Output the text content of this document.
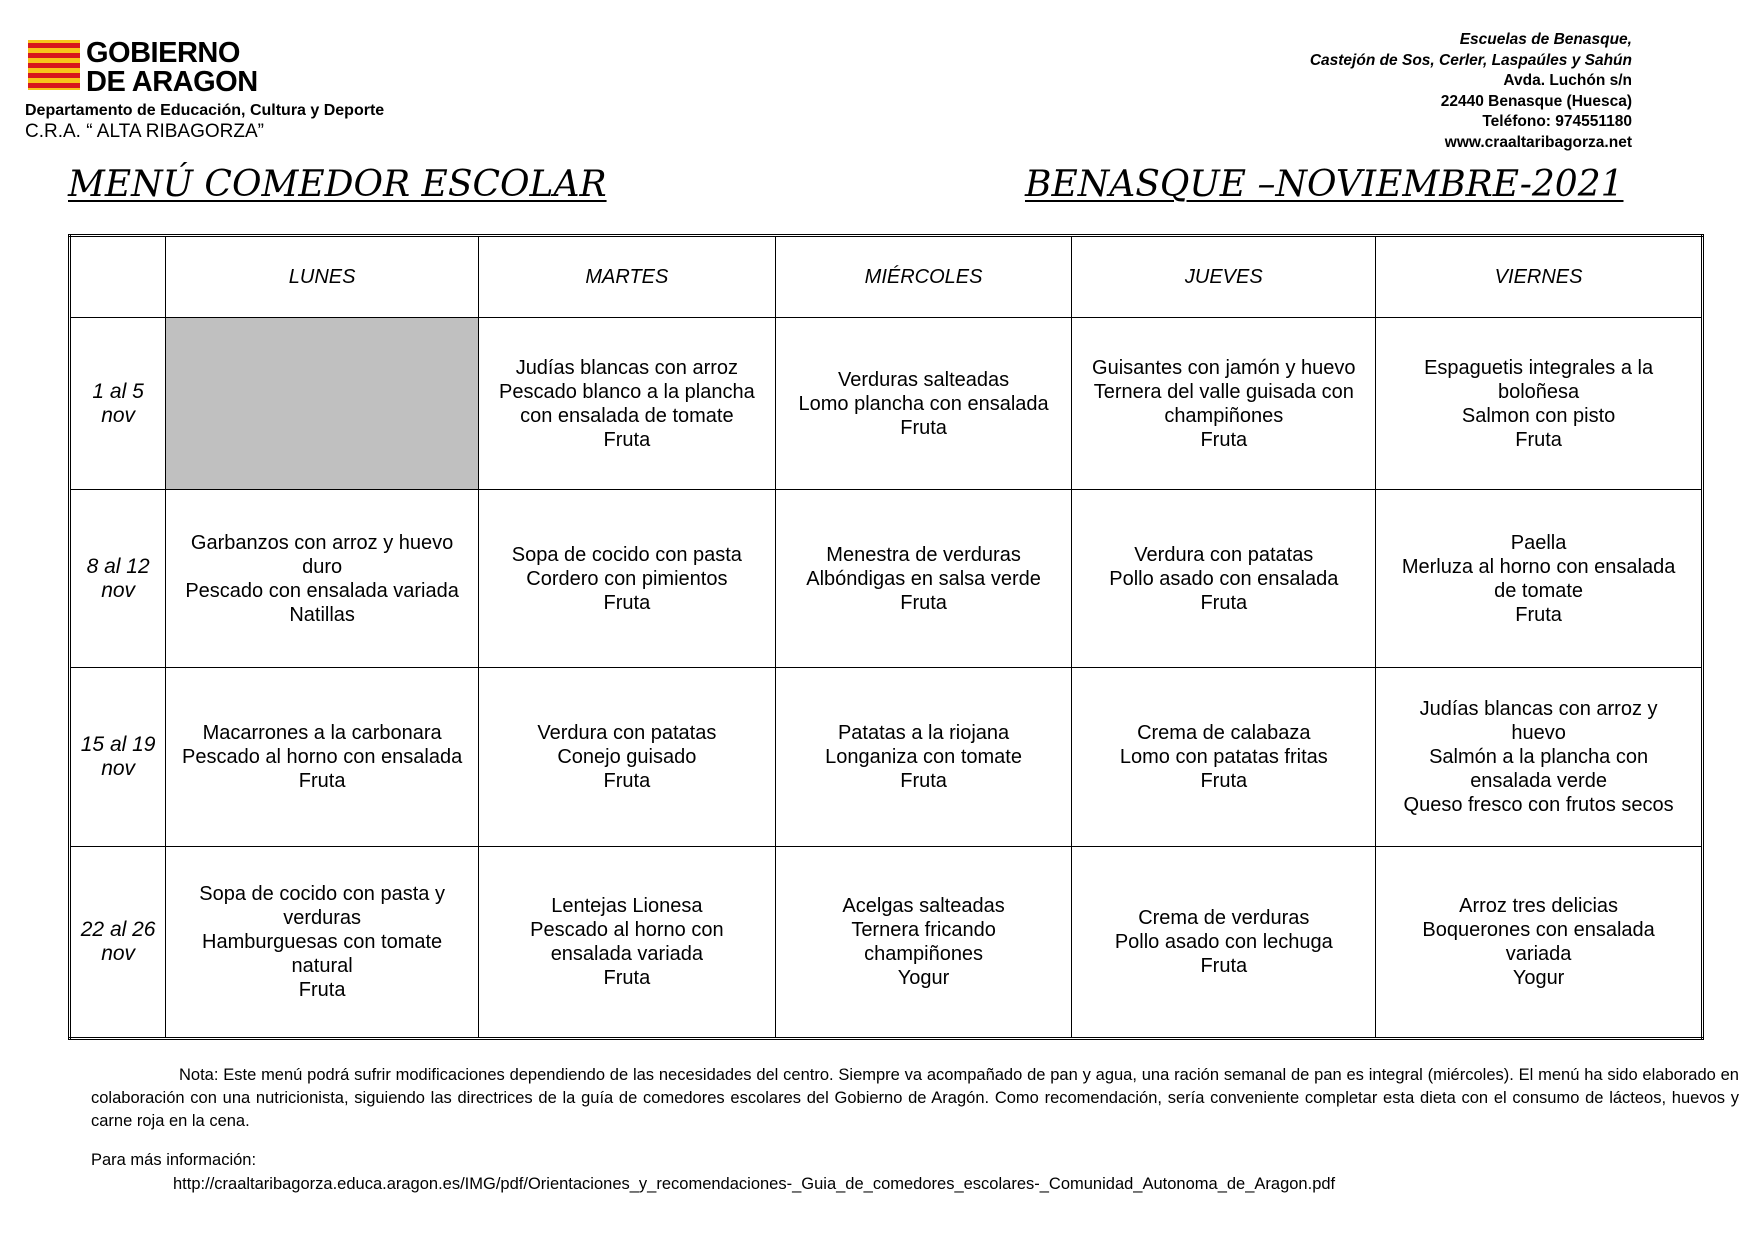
GOBIERNO
DE ARAGON
Departamento de Educación, Cultura y Deporte
C.R.A. “ ALTA RIBAGORZA”
Escuelas de Benasque,
Castejón de Sos, Cerler, Laspaúles y Sahún
Avda. Luchón s/n
22440 Benasque (Huesca)
Teléfono: 974551180
www.craaltaribagorza.net
MENÚ COMEDOR ESCOLAR	BENASQUE –NOVIEMBRE-2021
	LUNES	MARTES	MIÉRCOLES	JUEVES	VIERNES

1 al 5
nov		Judías blancas con arroz
Pescado blanco a la plancha
con ensalada de tomate
Fruta	Verduras salteadas
Lomo plancha con ensalada
Fruta	Guisantes con jamón y huevo
Ternera del valle guisada con
champiñones
Fruta	Espaguetis integrales a la
boloñesa
Salmon con pisto
Fruta

8 al 12
nov	Garbanzos con arroz y huevo
duro
Pescado con ensalada variada
Natillas	Sopa de cocido con pasta
Cordero con pimientos
Fruta	Menestra de verduras
Albóndigas en salsa verde
Fruta	Verdura con patatas
Pollo asado con ensalada
Fruta	Paella
Merluza al horno con ensalada
de tomate
Fruta

15 al 19
nov	Macarrones a la carbonara
Pescado al horno con ensalada
Fruta	Verdura con patatas
Conejo guisado
Fruta	Patatas a la riojana
Longaniza con tomate
Fruta	Crema de calabaza
Lomo con patatas fritas
Fruta	Judías blancas con arroz y
huevo
Salmón a la plancha con
ensalada verde
Queso fresco con frutos secos

22 al 26
nov	Sopa de cocido con pasta y
verduras
Hamburguesas con tomate
natural
Fruta	Lentejas Lionesa
Pescado al horno con
ensalada variada
Fruta	Acelgas salteadas
Ternera fricando
champiñones
Yogur	Crema de verduras
Pollo asado con lechuga
Fruta	Arroz tres delicias
Boquerones con ensalada
variada
Yogur
Nota: Este menú podrá sufrir modificaciones dependiendo de las necesidades del centro. Siempre va acompañado de pan y agua, una ración semanal de pan es integral (miércoles). El menú ha sido elaborado en colaboración con una nutricionista, siguiendo las directrices de la guía de comedores escolares del Gobierno de Aragón. Como recomendación, sería conveniente completar esta dieta con el consumo de lácteos, huevos y carne roja en la cena.
Para más información:
http://craaltaribagorza.educa.aragon.es/IMG/pdf/Orientaciones_y_recomendaciones-_Guia_de_comedores_escolares-_Comunidad_Autonoma_de_Aragon.pdf
